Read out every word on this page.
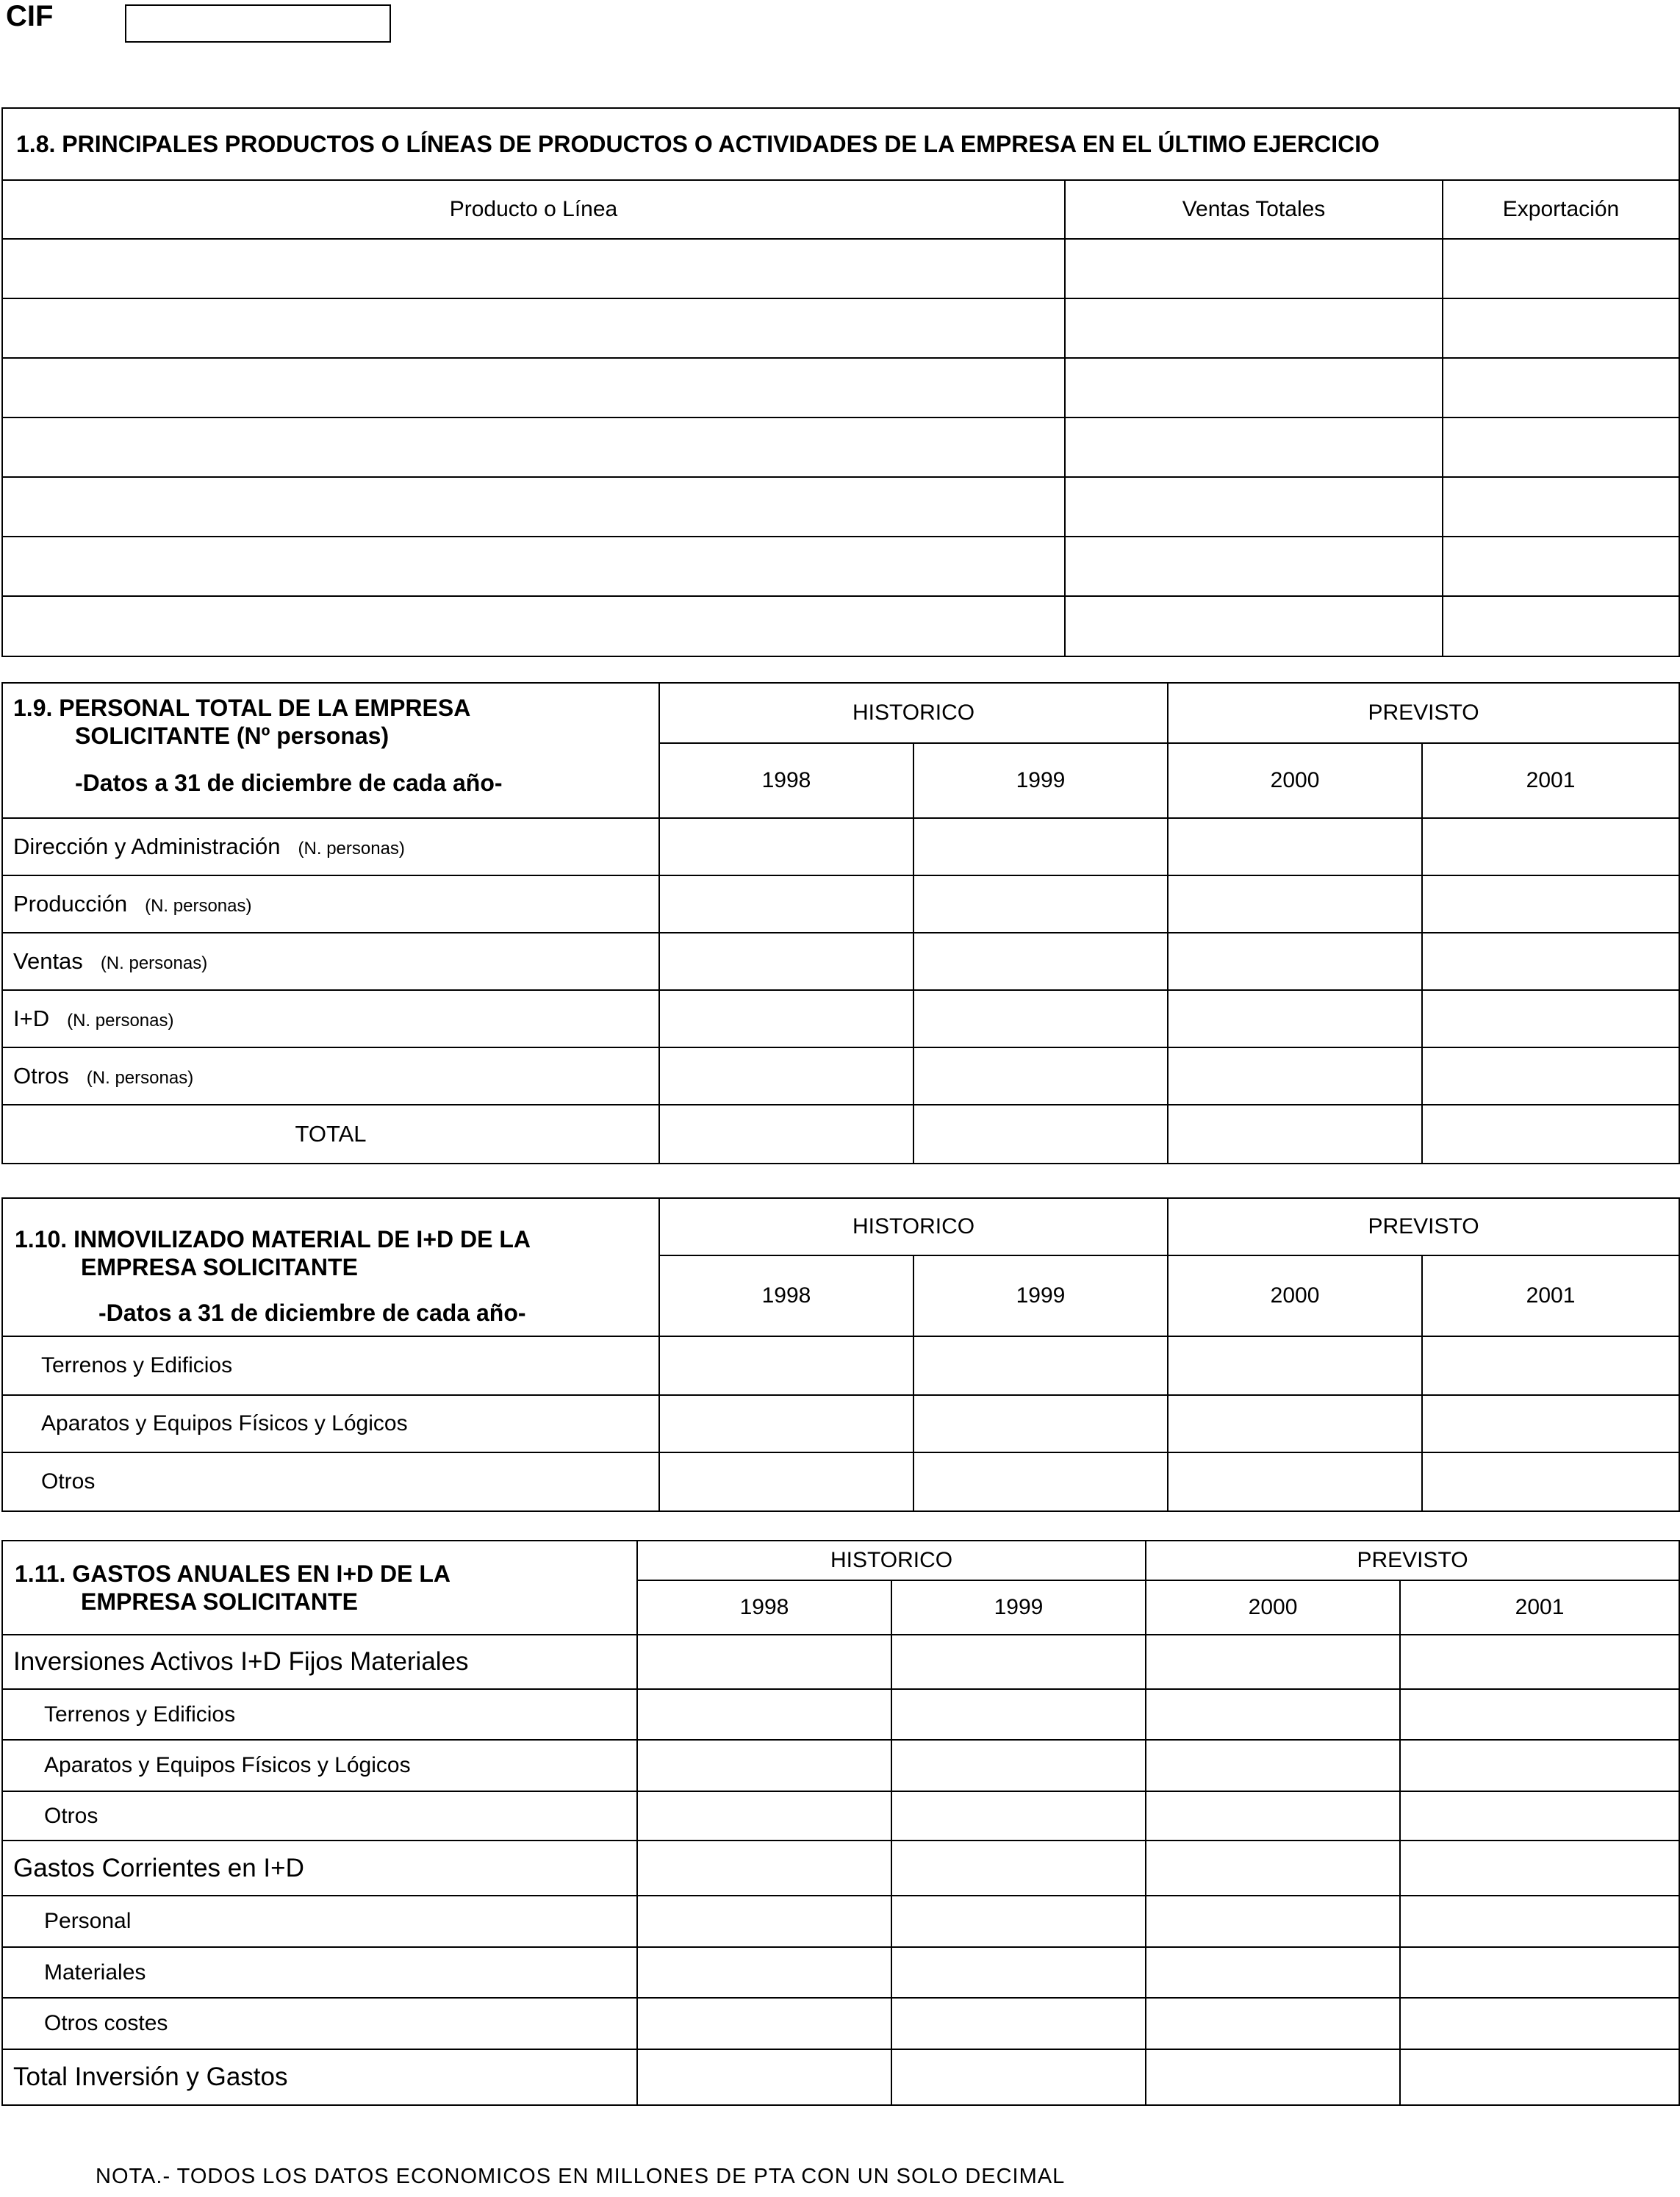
CIF
1.8. PRINCIPALES PRODUCTOS O LÍNEAS DE PRODUCTOS O ACTIVIDADES DE LA EMPRESA EN EL ÚLTIMO EJERCICIO		
Producto o Línea	Ventas Totales	Exportación

1.9. PERSONAL TOTAL DE LA EMPRESA
SOLICITANTE (Nº personas)
-Datos a 31 de diciembre de cada año-	HISTORICO		PREVISTO	
	1998	1999	2000	2001
Dirección y Administración (N. personas)				
Producción (N. personas)				
Ventas (N. personas)				
I+D (N. personas)				
Otros (N. personas)				
TOTAL				
1.10. INMOVILIZADO MATERIAL DE I+D DE LA
EMPRESA SOLICITANTE
-Datos a 31 de diciembre de cada año-	HISTORICO		PREVISTO	
	1998	1999	2000	2001
Terrenos y Edificios				
Aparatos y Equipos Físicos y Lógicos				
Otros				
1.11. GASTOS ANUALES EN I+D DE LA
EMPRESA SOLICITANTE	HISTORICO		PREVISTO	
	1998	1999	2000	2001
Inversiones Activos I+D Fijos Materiales				
Terrenos y Edificios				
Aparatos y Equipos Físicos y Lógicos				
Otros				
Gastos Corrientes en I+D				
Personal				
Materiales				
Otros costes				
Total Inversión y Gastos				
NOTA.- TODOS LOS DATOS ECONOMICOS EN MILLONES DE PTA CON UN SOLO DECIMAL
